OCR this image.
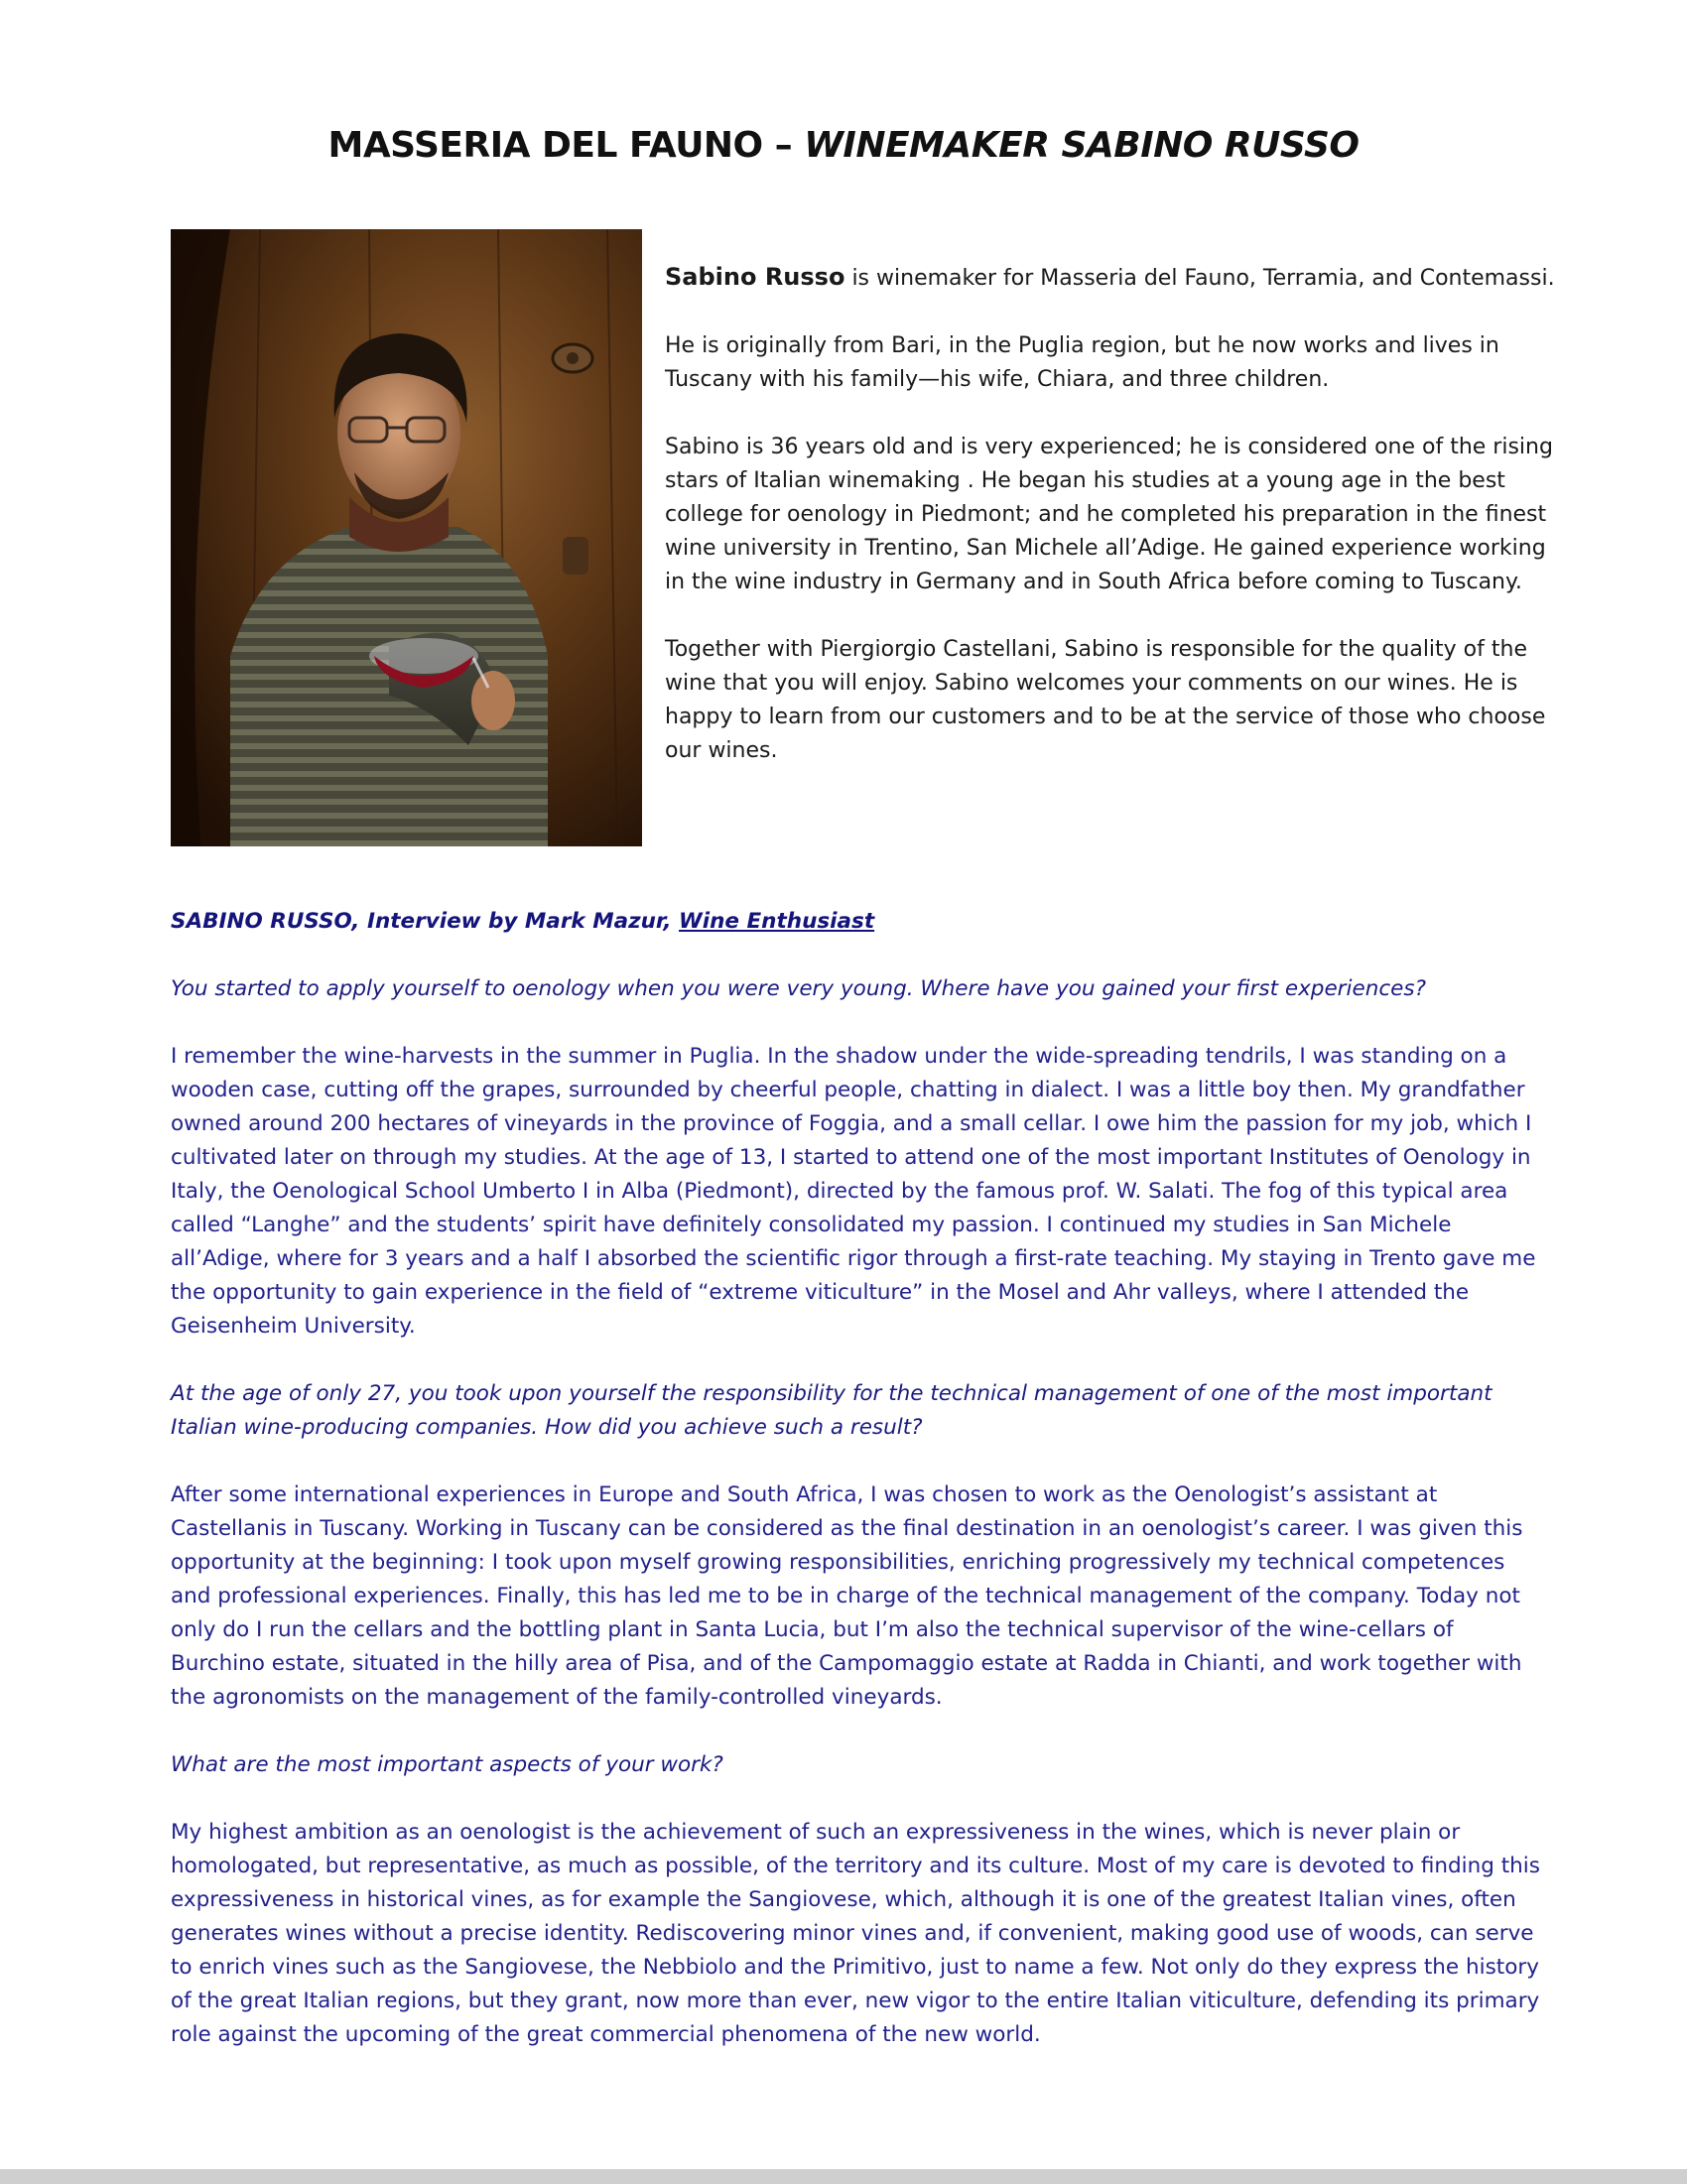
MASSERIA DEL FAUNO – WINEMAKER SABINO RUSSO

Sabino Russo is winemaker for Masseria del Fauno, Terramia, and Contemassi.

He is originally from Bari, in the Puglia region, but he now works and lives in Tuscany with his family—his wife, Chiara, and three children.

Sabino is 36 years old and is very experienced; he is considered one of the rising stars of Italian winemaking . He began his studies at a young age in the best college for oenology in Piedmont; and he completed his preparation in the finest wine university in Trentino, San Michele all’Adige. He gained experience working in the wine industry in Germany and in South Africa before coming to Tuscany.

Together with Piergiorgio Castellani, Sabino is responsible for the quality of the wine that you will enjoy. Sabino welcomes your comments on our wines. He is happy to learn from our customers and to be at the service of those who choose our wines.

SABINO RUSSO, Interview by Mark Mazur, Wine Enthusiast

You started to apply yourself to oenology when you were very young. Where have you gained your first experiences?

I remember the wine-harvests in the summer in Puglia. In the shadow under the wide-spreading tendrils, I was standing on a wooden case, cutting off the grapes, surrounded by cheerful people, chatting in dialect. I was a little boy then. My grandfather owned around 200 hectares of vineyards in the province of Foggia, and a small cellar. I owe him the passion for my job, which I cultivated later on through my studies. At the age of 13, I started to attend one of the most important Institutes of Oenology in Italy, the Oenological School Umberto I in Alba (Piedmont), directed by the famous prof. W. Salati. The fog of this typical area called “Langhe” and the students’ spirit have definitely consolidated my passion. I continued my studies in San Michele all’Adige, where for 3 years and a half I absorbed the scientific rigor through a first-rate teaching. My staying in Trento gave me the opportunity to gain experience in the field of “extreme viticulture” in the Mosel and Ahr valleys, where I attended the Geisenheim University.

At the age of only 27, you took upon yourself the responsibility for the technical management of one of the most important Italian wine-producing companies. How did you achieve such a result?

After some international experiences in Europe and South Africa, I was chosen to work as the Oenologist’s assistant at Castellanis in Tuscany. Working in Tuscany can be considered as the final destination in an oenologist’s career. I was given this opportunity at the beginning: I took upon myself growing responsibilities, enriching progressively my technical competences and professional experiences. Finally, this has led me to be in charge of the technical management of the company. Today not only do I run the cellars and the bottling plant in Santa Lucia, but I’m also the technical supervisor of the wine-cellars of Burchino estate, situated in the hilly area of Pisa, and of the Campomaggio estate at Radda in Chianti, and work together with the agronomists on the management of the family-controlled vineyards.

What are the most important aspects of your work?

My highest ambition as an oenologist is the achievement of such an expressiveness in the wines, which is never plain or homologated, but representative, as much as possible, of the territory and its culture. Most of my care is devoted to finding this expressiveness in historical vines, as for example the Sangiovese, which, although it is one of the greatest Italian vines, often generates wines without a precise identity. Rediscovering minor vines and, if convenient, making good use of woods, can serve to enrich vines such as the Sangiovese, the Nebbiolo and the Primitivo, just to name a few. Not only do they express the history of the great Italian regions, but they grant, now more than ever, new vigor to the entire Italian viticulture, defending its primary role against the upcoming of the great commercial phenomena of the new world.
